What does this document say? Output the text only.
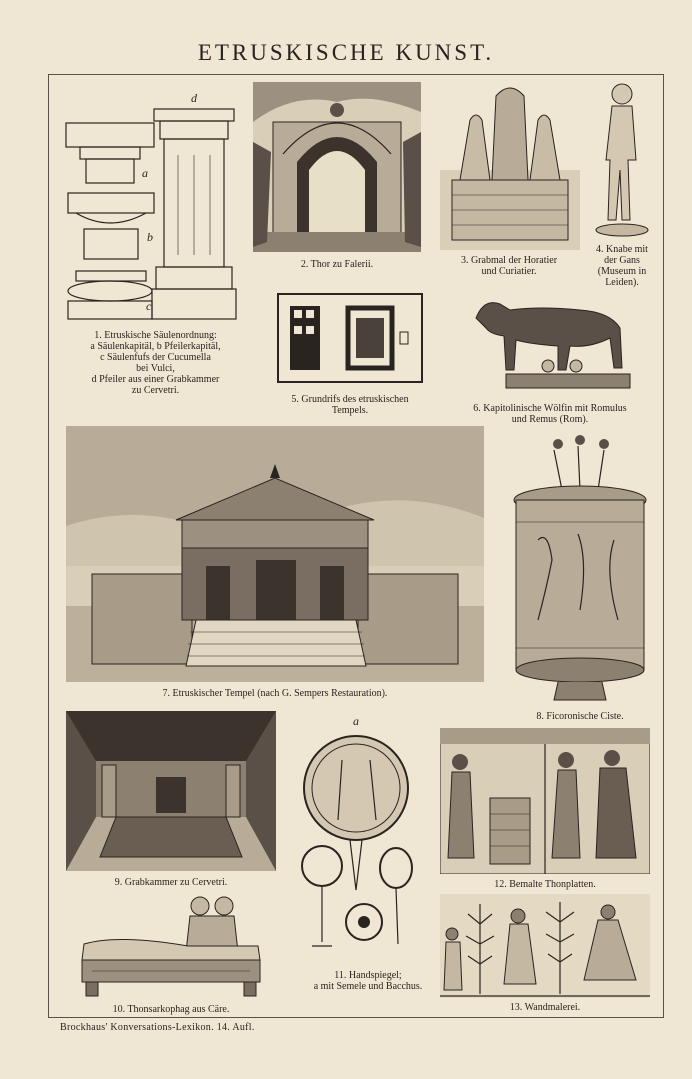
ETRUSKISCHE KUNST.
a
b
c
d
1. Etruskische Säulenordnung:
a Säulenkapitäl, b Pfeilerkapitäl,
c Säulenfufs der Cucumella
bei Vulci,
d Pfeiler aus einer Grabkammer
zu Cervetri.
2. Thor zu Falerii.	3. Grabmal der Horatier
und Curiatier.
4. Knabe mit
der Gans
(Museum in
Leiden).
5. Grundrifs des etruskischen
Tempels.	6. Kapitolinische Wölfin mit Romulus
und Remus (Rom).
7. Etruskischer Tempel (nach G. Sempers Restauration).
8. Ficoronische Ciste.
9. Grabkammer zu Cervetri.
10. Thonsarkophag aus Cäre.
a
11. Handspiegel;
a mit Semele und Bacchus.
12. Bemalte Thonplatten.
13. Wandmalerei.
Brockhaus' Konversations-Lexikon. 14. Aufl.
